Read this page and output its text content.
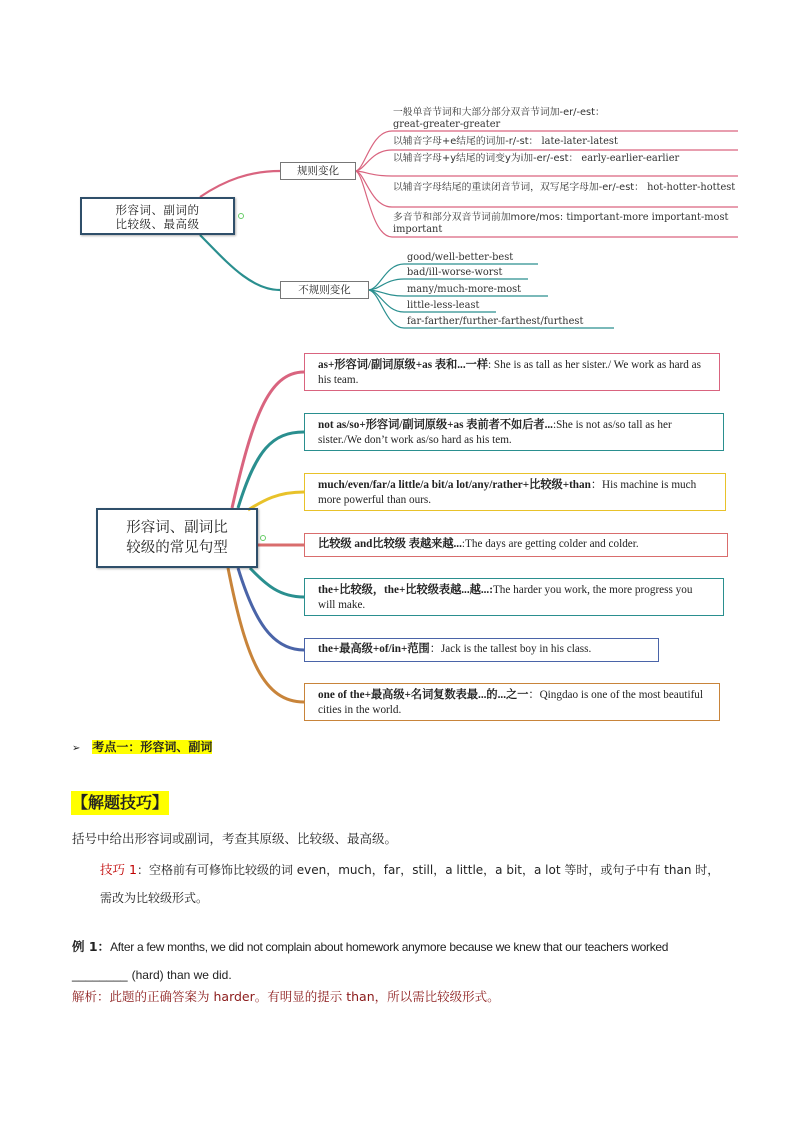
形容词、副词的
比较级、最高级
规则变化
不规则变化
一般单音节词和大部分部分双音节词加-er/-est：
great-greater-greater
以辅音字母+e结尾的词加-r/-st： late-later-latest
以辅音字母+y结尾的词变y为i加-er/-est： early-earlier-earlier
以辅音字母结尾的重读闭音节词，双写尾字母加-er/-est： hot-hotter-hottest
多音节和部分双音节词前加more/mos: timportant-more important-most important
good/well-better-best
bad/ill-worse-worst
many/much-more-most
little-less-least
far-farther/further-farthest/furthest
形容词、副词比
较级的常见句型
as+形容词/副词原级+as 表和...一样: She is as tall as her sister./ We work as hard as his team.
not as/so+形容词/副词原级+as 表前者不如后者...:She is not as/so tall as her sister./We don’t work as/so hard as his tem.
much/even/far/a little/a bit/a lot/any/rather+比较级+than：His machine is much more powerful than ours.
比较级 and比较级 表越来越...:The days are getting colder and colder.
the+比较级，the+比较级表越...越...:The harder you work, the more progress you will make.
the+最高级+of/in+范围：Jack is the tallest boy in his class.
one of the+最高级+名词复数表最...的...之一：Qingdao is one of the most beautiful cities in the world.
➢ 考点一：形容词、副词
【解题技巧】
括号中给出形容词或副词，考查其原级、比较级、最高级。
技巧 1：空格前有可修饰比较级的词 even，much，far，still，a little，a bit，a lot 等时，或句子中有 than 时，需改为比较级形式。
例 1：After a few months, we did not complain about homework anymore because we knew that our teachers worked
________ (hard) than we did.
解析：此题的正确答案为 harder。有明显的提示 than，所以需比较级形式。
